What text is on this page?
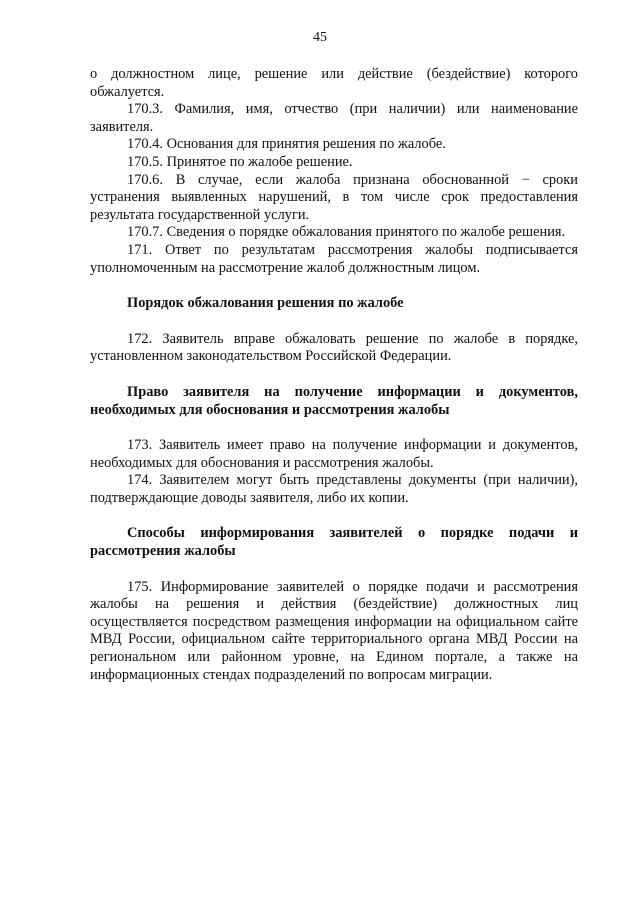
45

о должностном лице, решение или действие (бездействие) которого обжалуется.

170.3. Фамилия, имя, отчество (при наличии) или наименование заявителя.

170.4. Основания для принятия решения по жалобе.

170.5. Принятое по жалобе решение.

170.6. В случае, если жалоба признана обоснованной − сроки устранения выявленных нарушений, в том числе срок предоставления результата государственной услуги.

170.7. Сведения о порядке обжалования принятого по жалобе решения.

171. Ответ по результатам рассмотрения жалобы подписывается уполномоченным на рассмотрение жалоб должностным лицом.

Порядок обжалования решения по жалобе

172. Заявитель вправе обжаловать решение по жалобе в порядке, установленном законодательством Российской Федерации.

Право заявителя на получение информации и документов, необходимых для обоснования и рассмотрения жалобы

173. Заявитель имеет право на получение информации и документов, необходимых для обоснования и рассмотрения жалобы.

174. Заявителем могут быть представлены документы (при наличии), подтверждающие доводы заявителя, либо их копии.

Способы информирования заявителей о порядке подачи и рассмотрения жалобы

175. Информирование заявителей о порядке подачи и рассмотрения жалобы на решения и действия (бездействие) должностных лиц осуществляется посредством размещения информации на официальном сайте МВД России, официальном сайте территориального органа МВД России на региональном или районном уровне, на Едином портале, а также на информационных стендах подразделений по вопросам миграции.
